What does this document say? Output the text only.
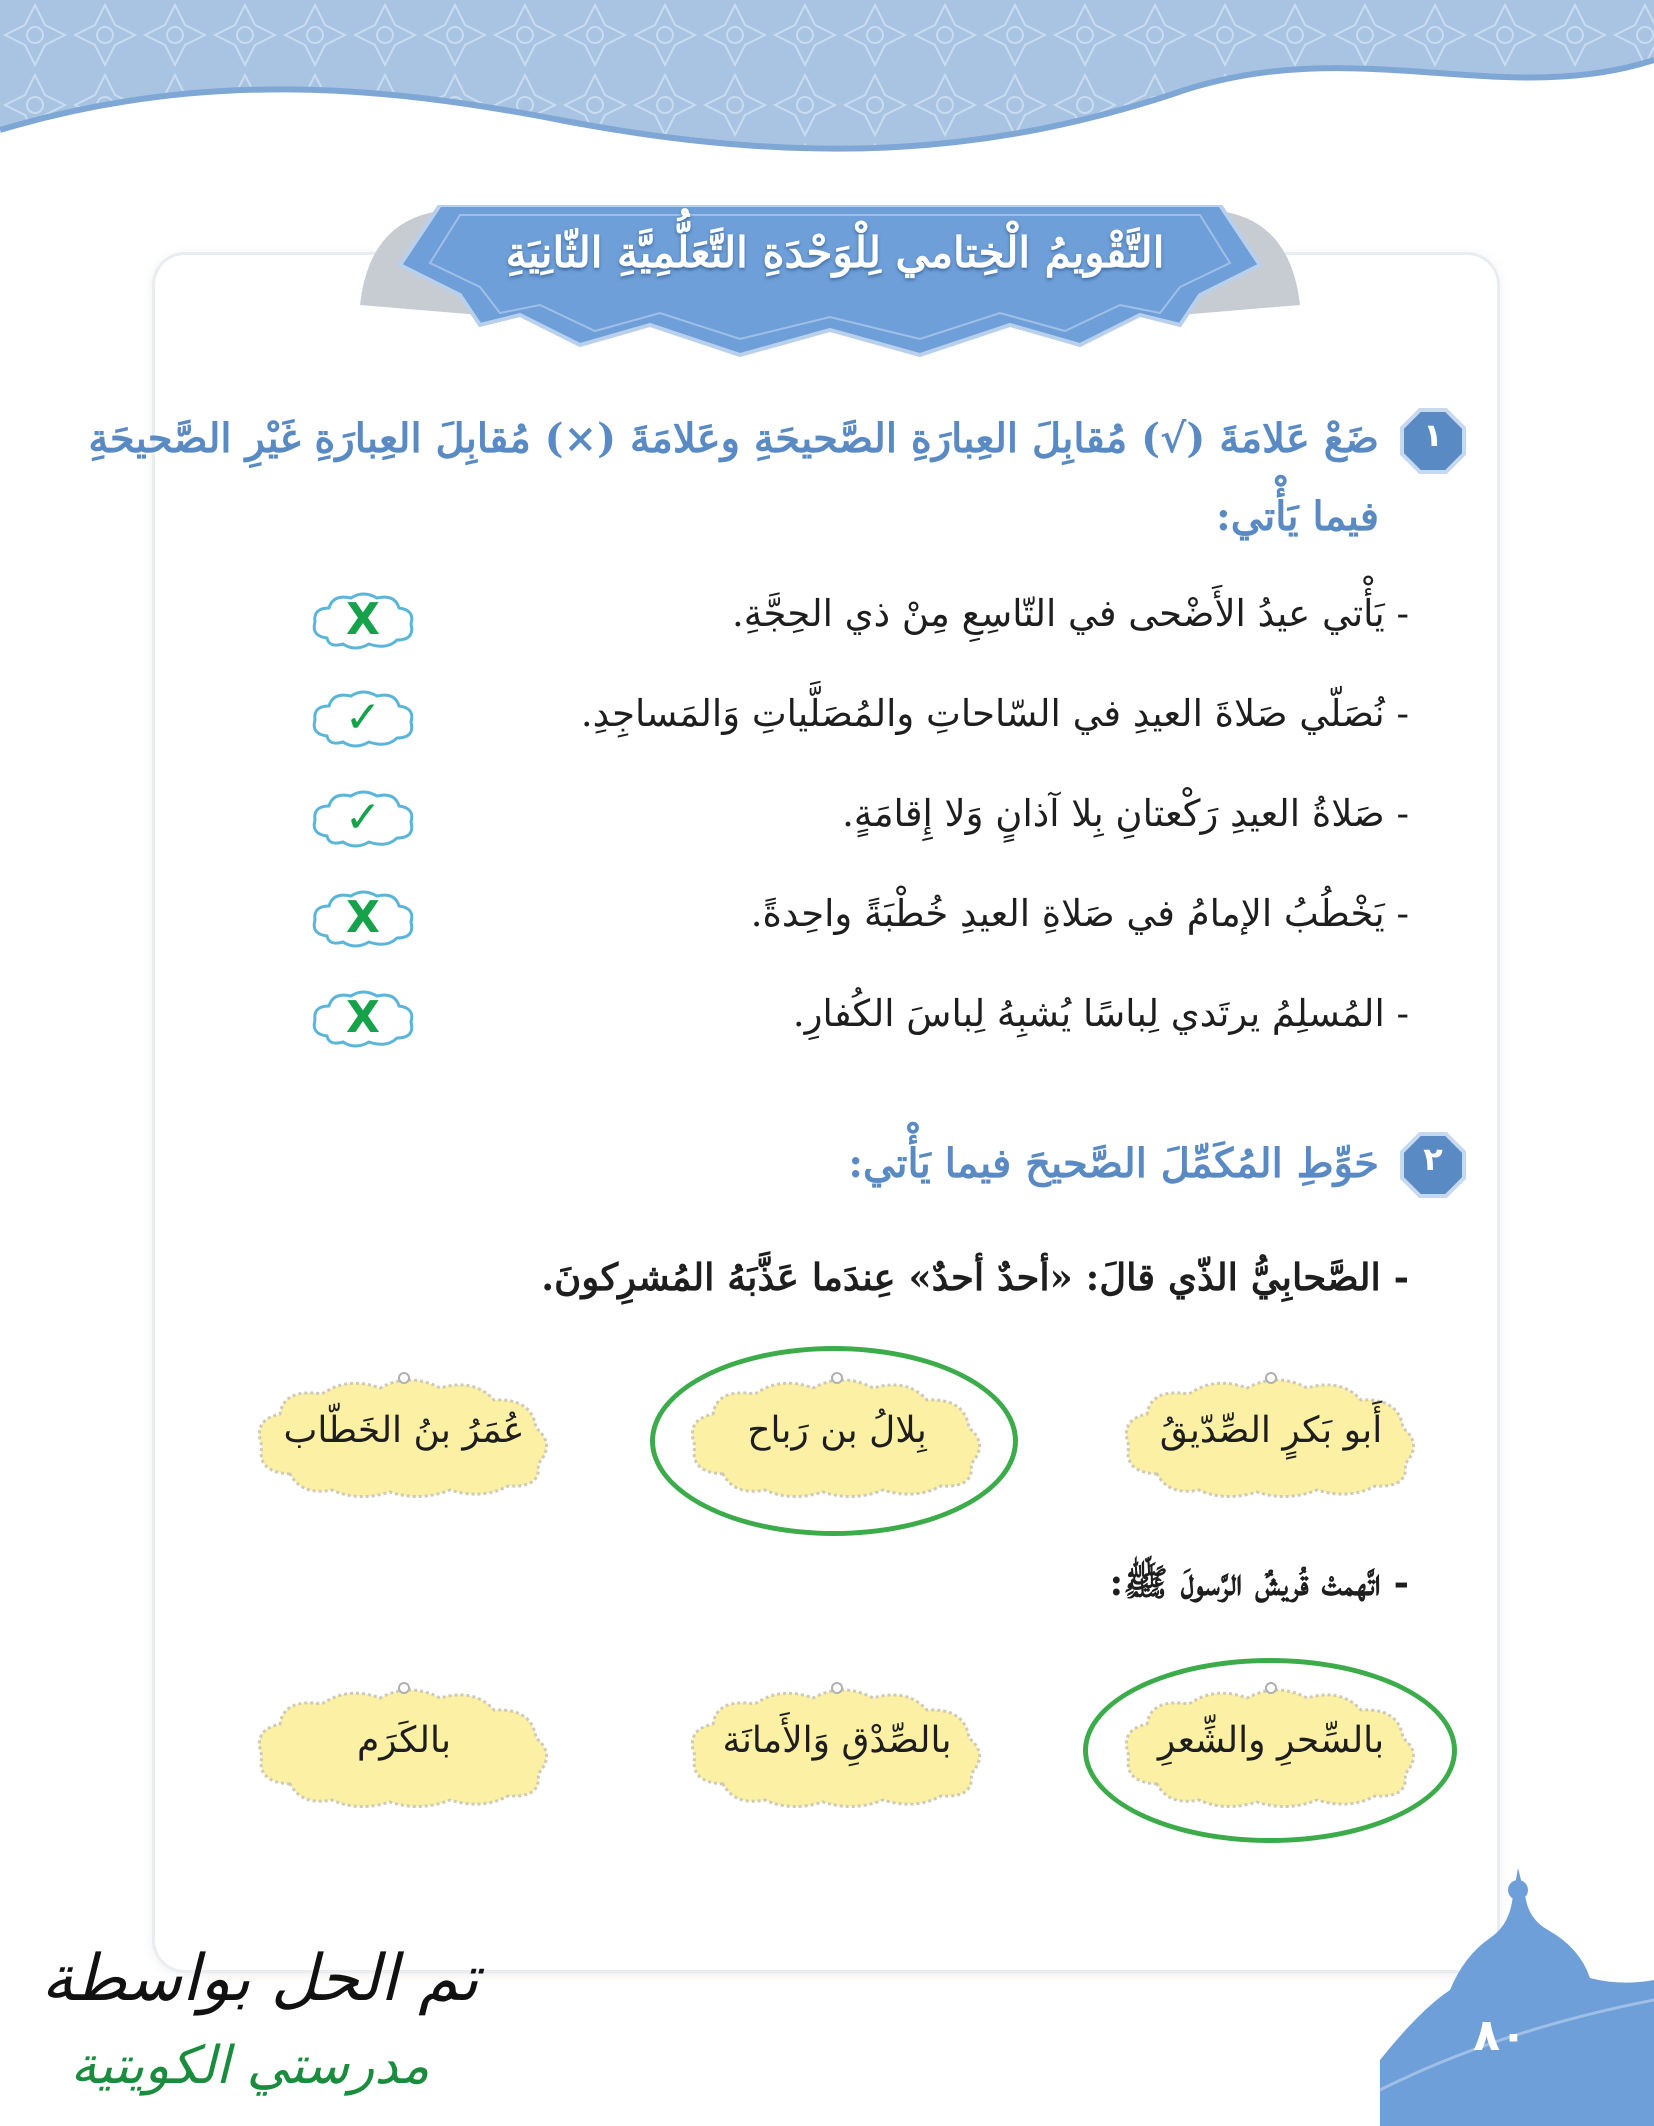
التَّقْويمُ الْخِتامي لِلْوَحْدَةِ التَّعَلُّمِيَّةِ الثّانِيَةِ
١
ضَعْ عَلامَةَ (√) مُقابِلَ العِبارَةِ الصَّحيحَةِ وعَلامَةَ (×) مُقابِلَ العِبارَةِ غَيْرِ الصَّحيحَةِ
فيما يَأْتي:
- يَأْتي عيدُ الأَضْحى في التّاسِعِ مِنْ ذي الحِجَّةِ.
X
- نُصَلّي صَلاةَ العيدِ في السّاحاتِ والمُصَلَّياتِ وَالمَساجِدِ.
✓
- صَلاةُ العيدِ رَكْعتانِ بِلا آذانٍ وَلا إِقامَةٍ.
✓
- يَخْطُبُ الإمامُ في صَلاةِ العيدِ خُطْبَةً واحِدةً.
X
- المُسلِمُ يرتَدي لِباسًا يُشبِهُ لِباسَ الكُفارِ.
X
٢
حَوِّطِ المُكَمِّلَ الصَّحيحَ فيما يَأْتي:
- الصَّحابِيُّ الذّي قالَ: «أحدٌ أحدٌ» عِندَما عَذَّبَهُ المُشرِكونَ.
أَبو بَكرٍ الصِّدّيقُ
بِلالُ بن رَباح
عُمَرُ بنُ الخَطّاب
- اتَّهمتْ قُريشٌ الرَّسولَ ﷺ:
بالسِّحرِ والشِّعرِ
بالصِّدْقِ وَالأَمانَة
بالكَرَم
٨٠
تم الحل بواسطة
مدرستي الكويتية
